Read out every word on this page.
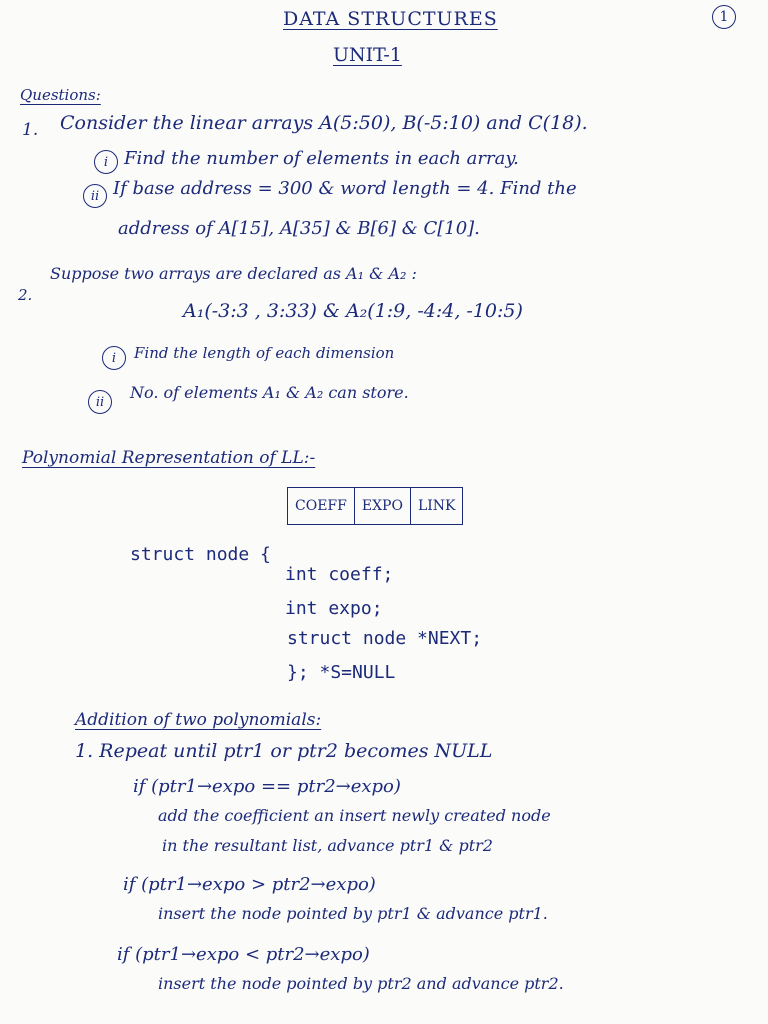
DATA STRUCTURES	1
UNIT-1
Questions:
1. Consider the linear arrays A(5:50), B(-5:10) and C(18).
i Find the number of elements in each array.
ii If base address = 300 & word length = 4. Find the
address of A[15], A[35] & B[6] & C[10].
2.
Suppose two arrays are declared as A₁ & A₂ :
A₁(-3:3 , 3:33) & A₂(1:9, -4:4, -10:5)
i Find the length of each dimension
ii No. of elements A₁ & A₂ can store.
Polynomial Representation of LL:-
COEFF	EXPO	LINK
struct node {
int coeff;
int expo;
struct node *NEXT;
}; *S=NULL
Addition of two polynomials:
1. Repeat until ptr1 or ptr2 becomes NULL
if (ptr1→expo == ptr2→expo)
add the coefficient an insert newly created node
in the resultant list, advance ptr1 & ptr2
if (ptr1→expo > ptr2→expo)
insert the node pointed by ptr1 & advance ptr1.
if (ptr1→expo < ptr2→expo)
insert the node pointed by ptr2 and advance ptr2.
